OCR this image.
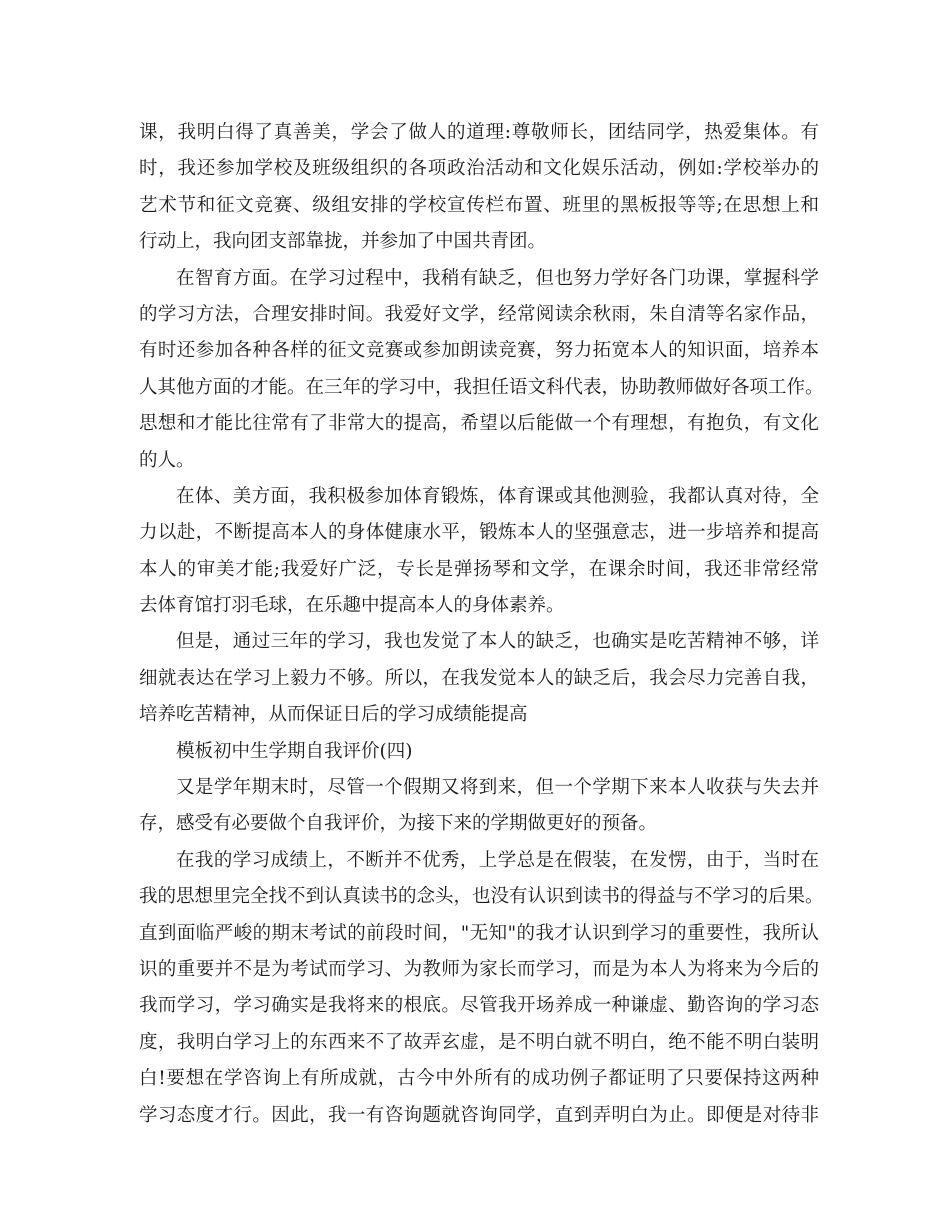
课，我明白得了真善美，学会了做人的道理:尊敬师长，团结同学，热爱集体。有
时，我还参加学校及班级组织的各项政治活动和文化娱乐活动，例如:学校举办的
艺术节和征文竞赛、级组安排的学校宣传栏布置、班里的黑板报等等;在思想上和
行动上，我向团支部靠拢，并参加了中国共青团。
在智育方面。在学习过程中，我稍有缺乏，但也努力学好各门功课，掌握科学
的学习方法，合理安排时间。我爱好文学，经常阅读余秋雨，朱自清等名家作品，
有时还参加各种各样的征文竞赛或参加朗读竞赛，努力拓宽本人的知识面，培养本
人其他方面的才能。在三年的学习中，我担任语文科代表，协助教师做好各项工作。
思想和才能比往常有了非常大的提高，希望以后能做一个有理想，有抱负，有文化
的人。
在体、美方面，我积极参加体育锻炼，体育课或其他测验，我都认真对待，全
力以赴，不断提高本人的身体健康水平，锻炼本人的坚强意志，进一步培养和提高
本人的审美才能;我爱好广泛，专长是弹扬琴和文学，在课余时间，我还非常经常
去体育馆打羽毛球，在乐趣中提高本人的身体素养。
但是，通过三年的学习，我也发觉了本人的缺乏，也确实是吃苦精神不够，详
细就表达在学习上毅力不够。所以，在我发觉本人的缺乏后，我会尽力完善自我，
培养吃苦精神，从而保证日后的学习成绩能提高
模板初中生学期自我评价(四)
又是学年期末时，尽管一个假期又将到来，但一个学期下来本人收获与失去并
存，感受有必要做个自我评价，为接下来的学期做更好的预备。
在我的学习成绩上，不断并不优秀，上学总是在假装，在发愣，由于，当时在
我的思想里完全找不到认真读书的念头，也没有认识到读书的得益与不学习的后果。
直到面临严峻的期末考试的前段时间，"无知"的我才认识到学习的重要性，我所认
识的重要并不是为考试而学习、为教师为家长而学习，而是为本人为将来为今后的
我而学习，学习确实是我将来的根底。尽管我开场养成一种谦虚、勤咨询的学习态
度，我明白学习上的东西来不了故弄玄虚，是不明白就不明白，绝不能不明白装明
白!要想在学咨询上有所成就，古今中外所有的成功例子都证明了只要保持这两种
学习态度才行。因此，我一有咨询题就咨询同学，直到弄明白为止。即便是对待非
